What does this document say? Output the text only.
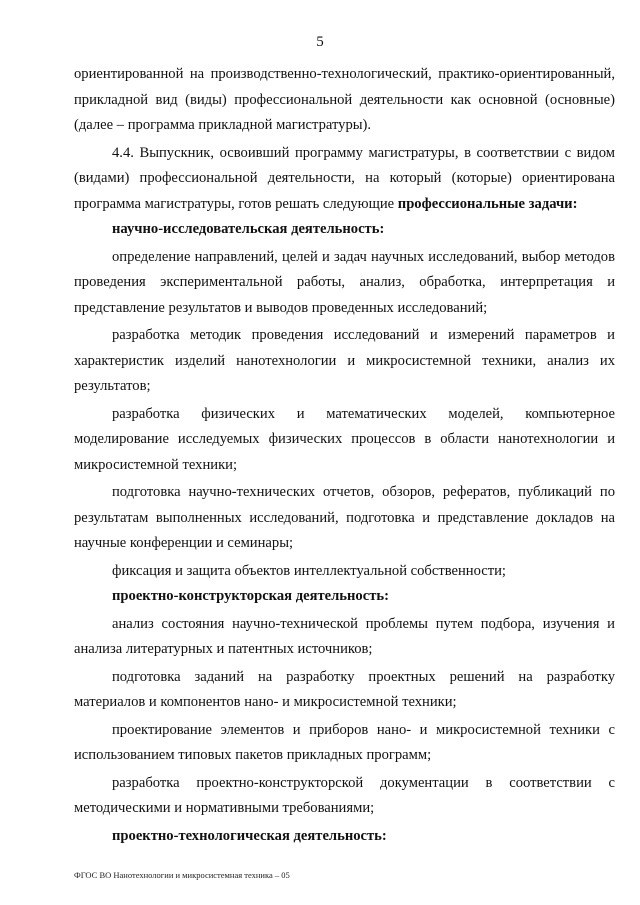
5

ориентированной на производственно-технологический, практико-ориентированный, прикладной вид (виды) профессиональной деятельности как основной (основные) (далее – программа прикладной магистратуры).

4.4. Выпускник, освоивший программу магистратуры, в соответствии с видом (видами) профессиональной деятельности, на который (которые) ориентирована программа магистратуры, готов решать следующие профессиональные задачи:

научно-исследовательская деятельность:

определение направлений, целей и задач научных исследований, выбор методов проведения экспериментальной работы, анализ, обработка, интерпретация и представление результатов и выводов проведенных исследований;

разработка методик проведения исследований и измерений параметров и характеристик изделий нанотехнологии и микросистемной техники, анализ их результатов;

разработка физических и математических моделей, компьютерное моделирование исследуемых физических процессов в области нанотехнологии и микросистемной техники;

подготовка научно-технических отчетов, обзоров, рефератов, публикаций по результатам выполненных исследований, подготовка и представление докладов на научные конференции и семинары;

фиксация и защита объектов интеллектуальной собственности;

проектно-конструкторская деятельность:

анализ состояния научно-технической проблемы путем подбора, изучения и анализа литературных и патентных источников;

подготовка заданий на разработку проектных решений на разработку материалов и компонентов нано- и микросистемной техники;

проектирование элементов и приборов нано- и микросистемной техники с использованием типовых пакетов прикладных программ;

разработка проектно-конструкторской документации в соответствии с методическими и нормативными требованиями;

проектно-технологическая деятельность:

ФГОС ВО Нанотехнологии и микросистемная техника – 05
